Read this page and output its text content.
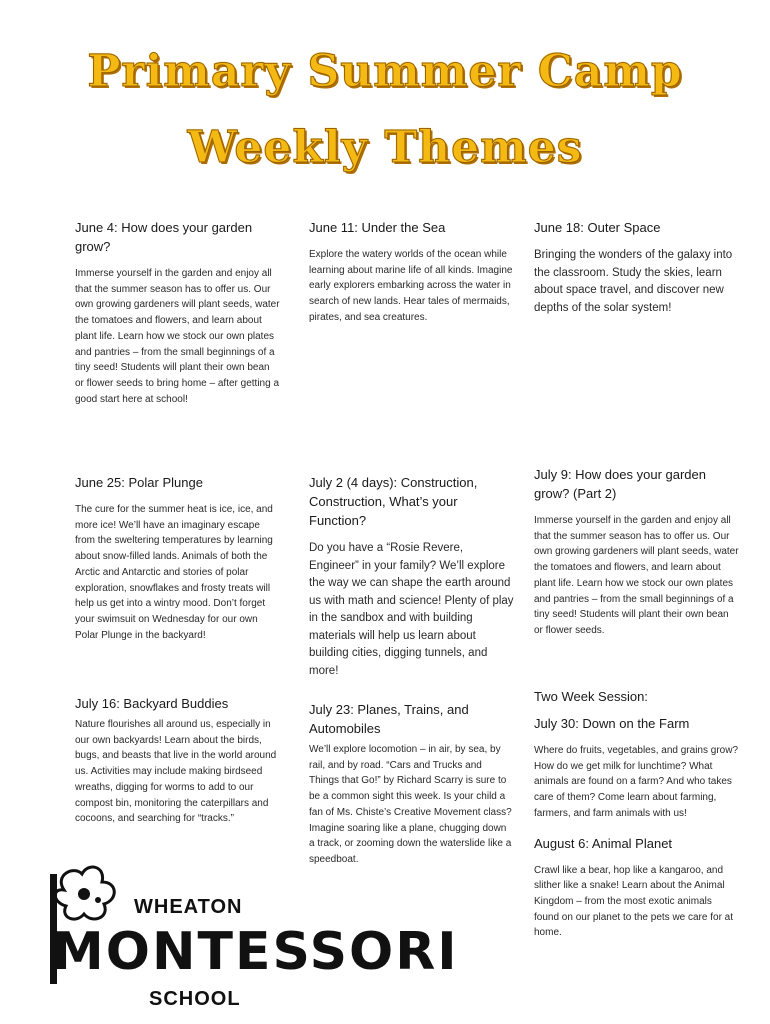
Primary Summer Camp
Weekly Themes

June 4: How does your garden grow?

Immerse yourself in the garden and enjoy all that the summer season has to offer us. Our own growing gardeners will plant seeds, water the tomatoes and flowers, and learn about plant life. Learn how we stock our own plates and pantries – from the small beginnings of a tiny seed! Students will plant their own bean or flower seeds to bring home – after getting a good start here at school!

June 11: Under the Sea

Explore the watery worlds of the ocean while learning about marine life of all kinds. Imagine early explorers embarking across the water in search of new lands. Hear tales of mermaids, pirates, and sea creatures.

June 18: Outer Space

Bringing the wonders of the galaxy into the classroom. Study the skies, learn about space travel, and discover new depths of the solar system!

June 25: Polar Plunge

The cure for the summer heat is ice, ice, and more ice! We’ll have an imaginary escape from the sweltering temperatures by learning about snow-filled lands. Animals of both the Arctic and Antarctic and stories of polar exploration, snowflakes and frosty treats will help us get into a wintry mood. Don’t forget your swimsuit on Wednesday for our own Polar Plunge in the backyard!

July 2 (4 days): Construction, Construction, What’s your Function?

Do you have a “Rosie Revere, Engineer” in your family? We’ll explore the way we can shape the earth around us with math and science! Plenty of play in the sandbox and with building materials will help us learn about building cities, digging tunnels, and more!

July 9: How does your garden grow? (Part 2)

Immerse yourself in the garden and enjoy all that the summer season has to offer us. Our own growing gardeners will plant seeds, water the tomatoes and flowers, and learn about plant life. Learn how we stock our own plates and pantries – from the small beginnings of a tiny seed! Students will plant their own bean or flower seeds.

July 16: Backyard Buddies

Nature flourishes all around us, especially in our own backyards! Learn about the birds, bugs, and beasts that live in the world around us. Activities may include making birdseed wreaths, digging for worms to add to our compost bin, monitoring the caterpillars and cocoons, and searching for “tracks.”

July 23: Planes, Trains, and Automobiles

We’ll explore locomotion – in air, by sea, by rail, and by road. “Cars and Trucks and Things that Go!” by Richard Scarry is sure to be a common sight this week. Is your child a fan of Ms. Chiste’s Creative Movement class? Imagine soaring like a plane, chugging down a track, or zooming down the waterslide like a speedboat.

Two Week Session:

July 30: Down on the Farm

Where do fruits, vegetables, and grains grow? How do we get milk for lunchtime? What animals are found on a farm? And who takes care of them? Come learn about farming, farmers, and farm animals with us!

August 6: Animal Planet

Crawl like a bear, hop like a kangaroo, and slither like a snake! Learn about the Animal Kingdom – from the most exotic animals found on our planet to the pets we care for at home.

WHEATON
MONTESSORI
SCHOOL
